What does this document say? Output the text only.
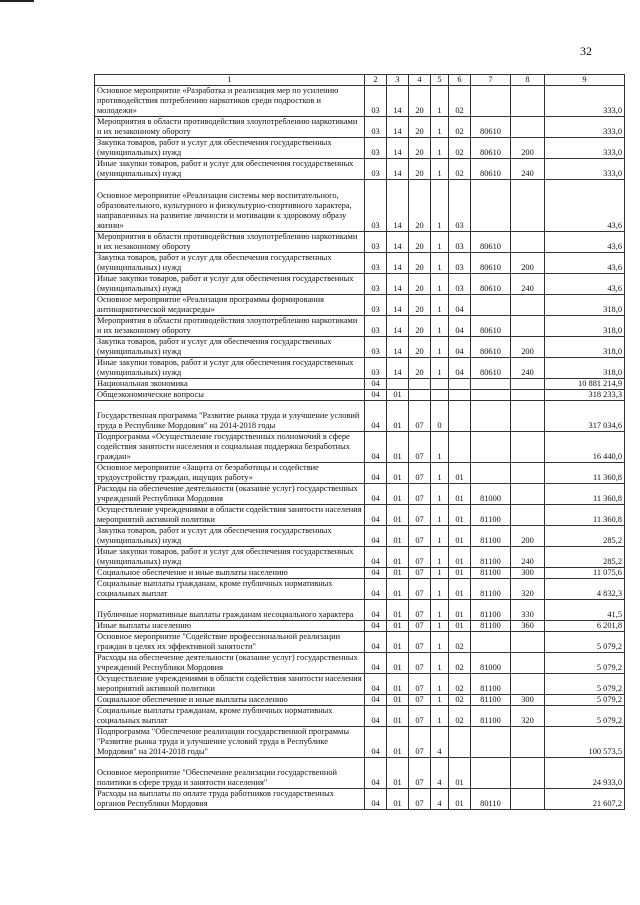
32
1	2	3	4	5	6	7	8	9
Основное мероприятие «Разработка и реализация мер по усилению противодействия потреблению наркотиков среди подростков и молодежи»	03	14	20	1	02			333,0
Мероприятия в области противодействия злоупотреблению наркотиками и их незаконному обороту	03	14	20	1	02	80610		333,0
Закупка товаров, работ и услуг для обеспечения государственных (муниципальных) нужд	03	14	20	1	02	80610	200	333,0
Иные закупки товаров, работ и услуг для обеспечения государственных (муниципальных) нужд	03	14	20	1	02	80610	240	333,0
Основное мероприятие «Реализация системы мер воспитательного, образовательного, культурного и физкультурно-спортивного характера, направленных на развитие личности и мотивации к здоровому образу жизни»	03	14	20	1	03			43,6
Мероприятия в области противодействия злоупотреблению наркотиками и их незаконному обороту	03	14	20	1	03	80610		43,6
Закупка товаров, работ и услуг для обеспечения государственных (муниципальных) нужд	03	14	20	1	03	80610	200	43,6
Иные закупки товаров, работ и услуг для обеспечения государственных (муниципальных) нужд	03	14	20	1	03	80610	240	43,6
Основное мероприятие «Реализация программы формирования антинаркотической медиасреды»	03	14	20	1	04			318,0
Мероприятия в области противодействия злоупотреблению наркотиками и их незаконному обороту	03	14	20	1	04	80610		318,0
Закупка товаров, работ и услуг для обеспечения государственных (муниципальных) нужд	03	14	20	1	04	80610	200	318,0
Иные закупки товаров, работ и услуг для обеспечения государственных (муниципальных) нужд	03	14	20	1	04	80610	240	318,0
Национальная экономика	04							10 881 214,9
Общеэкономические вопросы	04	01						318 233,3
Государственная программа "Развитие рынка труда и улучшение условий труда в Республике Мордовия" на 2014-2018 годы	04	01	07	0				317 034,6
Подпрограмма «Осуществление государственных полномочий в сфере содействия занятости населения и социальная поддержка безработных граждан»	04	01	07	1				16 440,0
Основное мероприятие «Защита от безработицы и содействие трудоустройству граждан, ищущих работу»	04	01	07	1	01			11 360,8
Расходы на обеспечение деятельности (оказание услуг) государственных учреждений Республики Мордовия	04	01	07	1	01	81000		11 360,8
Осуществление учреждениями в области содействия занятости населения мероприятий активной политики	04	01	07	1	01	81100		11 360,8
Закупка товаров, работ и услуг для обеспечения государственных (муниципальных) нужд	04	01	07	1	01	81100	200	285,2
Иные закупки товаров, работ и услуг для обеспечения государственных (муниципальных) нужд	04	01	07	1	01	81100	240	285,2
Социальное обеспечение и иные выплаты населению	04	01	07	1	01	81100	300	11 075,6
Социальные выплаты гражданам, кроме публичных нормативных социальных выплат	04	01	07	1	01	81100	320	4 832,3
Публичные нормативные выплаты гражданам несоциального характера	04	01	07	1	01	81100	330	41,5
Иные выплаты населению	04	01	07	1	01	81100	360	6 201,8
Основное мероприятие "Содействие профессиональной реализации граждан в целях их эффективной занятости"	04	01	07	1	02			5 079,2
Расходы на обеспечение деятельности (оказание услуг) государственных учреждений Республики Мордовия	04	01	07	1	02	81000		5 079,2
Осуществление учреждениями в области содействия занятости населения мероприятий активной политики	04	01	07	1	02	81100		5 079,2
Социальное обеспечение и иные выплаты населению	04	01	07	1	02	81100	300	5 079,2
Социальные выплаты гражданам, кроме публичных нормативных социальных выплат	04	01	07	1	02	81100	320	5 079,2
Подпрограмма "Обеспечение реализации государственной программы "Развитие рынка труда и улучшение условий труда в Республике Мордовия" на 2014-2018 годы"	04	01	07	4				100 573,5
Основное мероприятие "Обеспечение реализации государственной политики в сфере труда и занятости населения"	04	01	07	4	01			24 933,0
Расходы на выплаты по оплате труда работников государственных органов Республики Мордовия	04	01	07	4	01	80110		21 607,2
